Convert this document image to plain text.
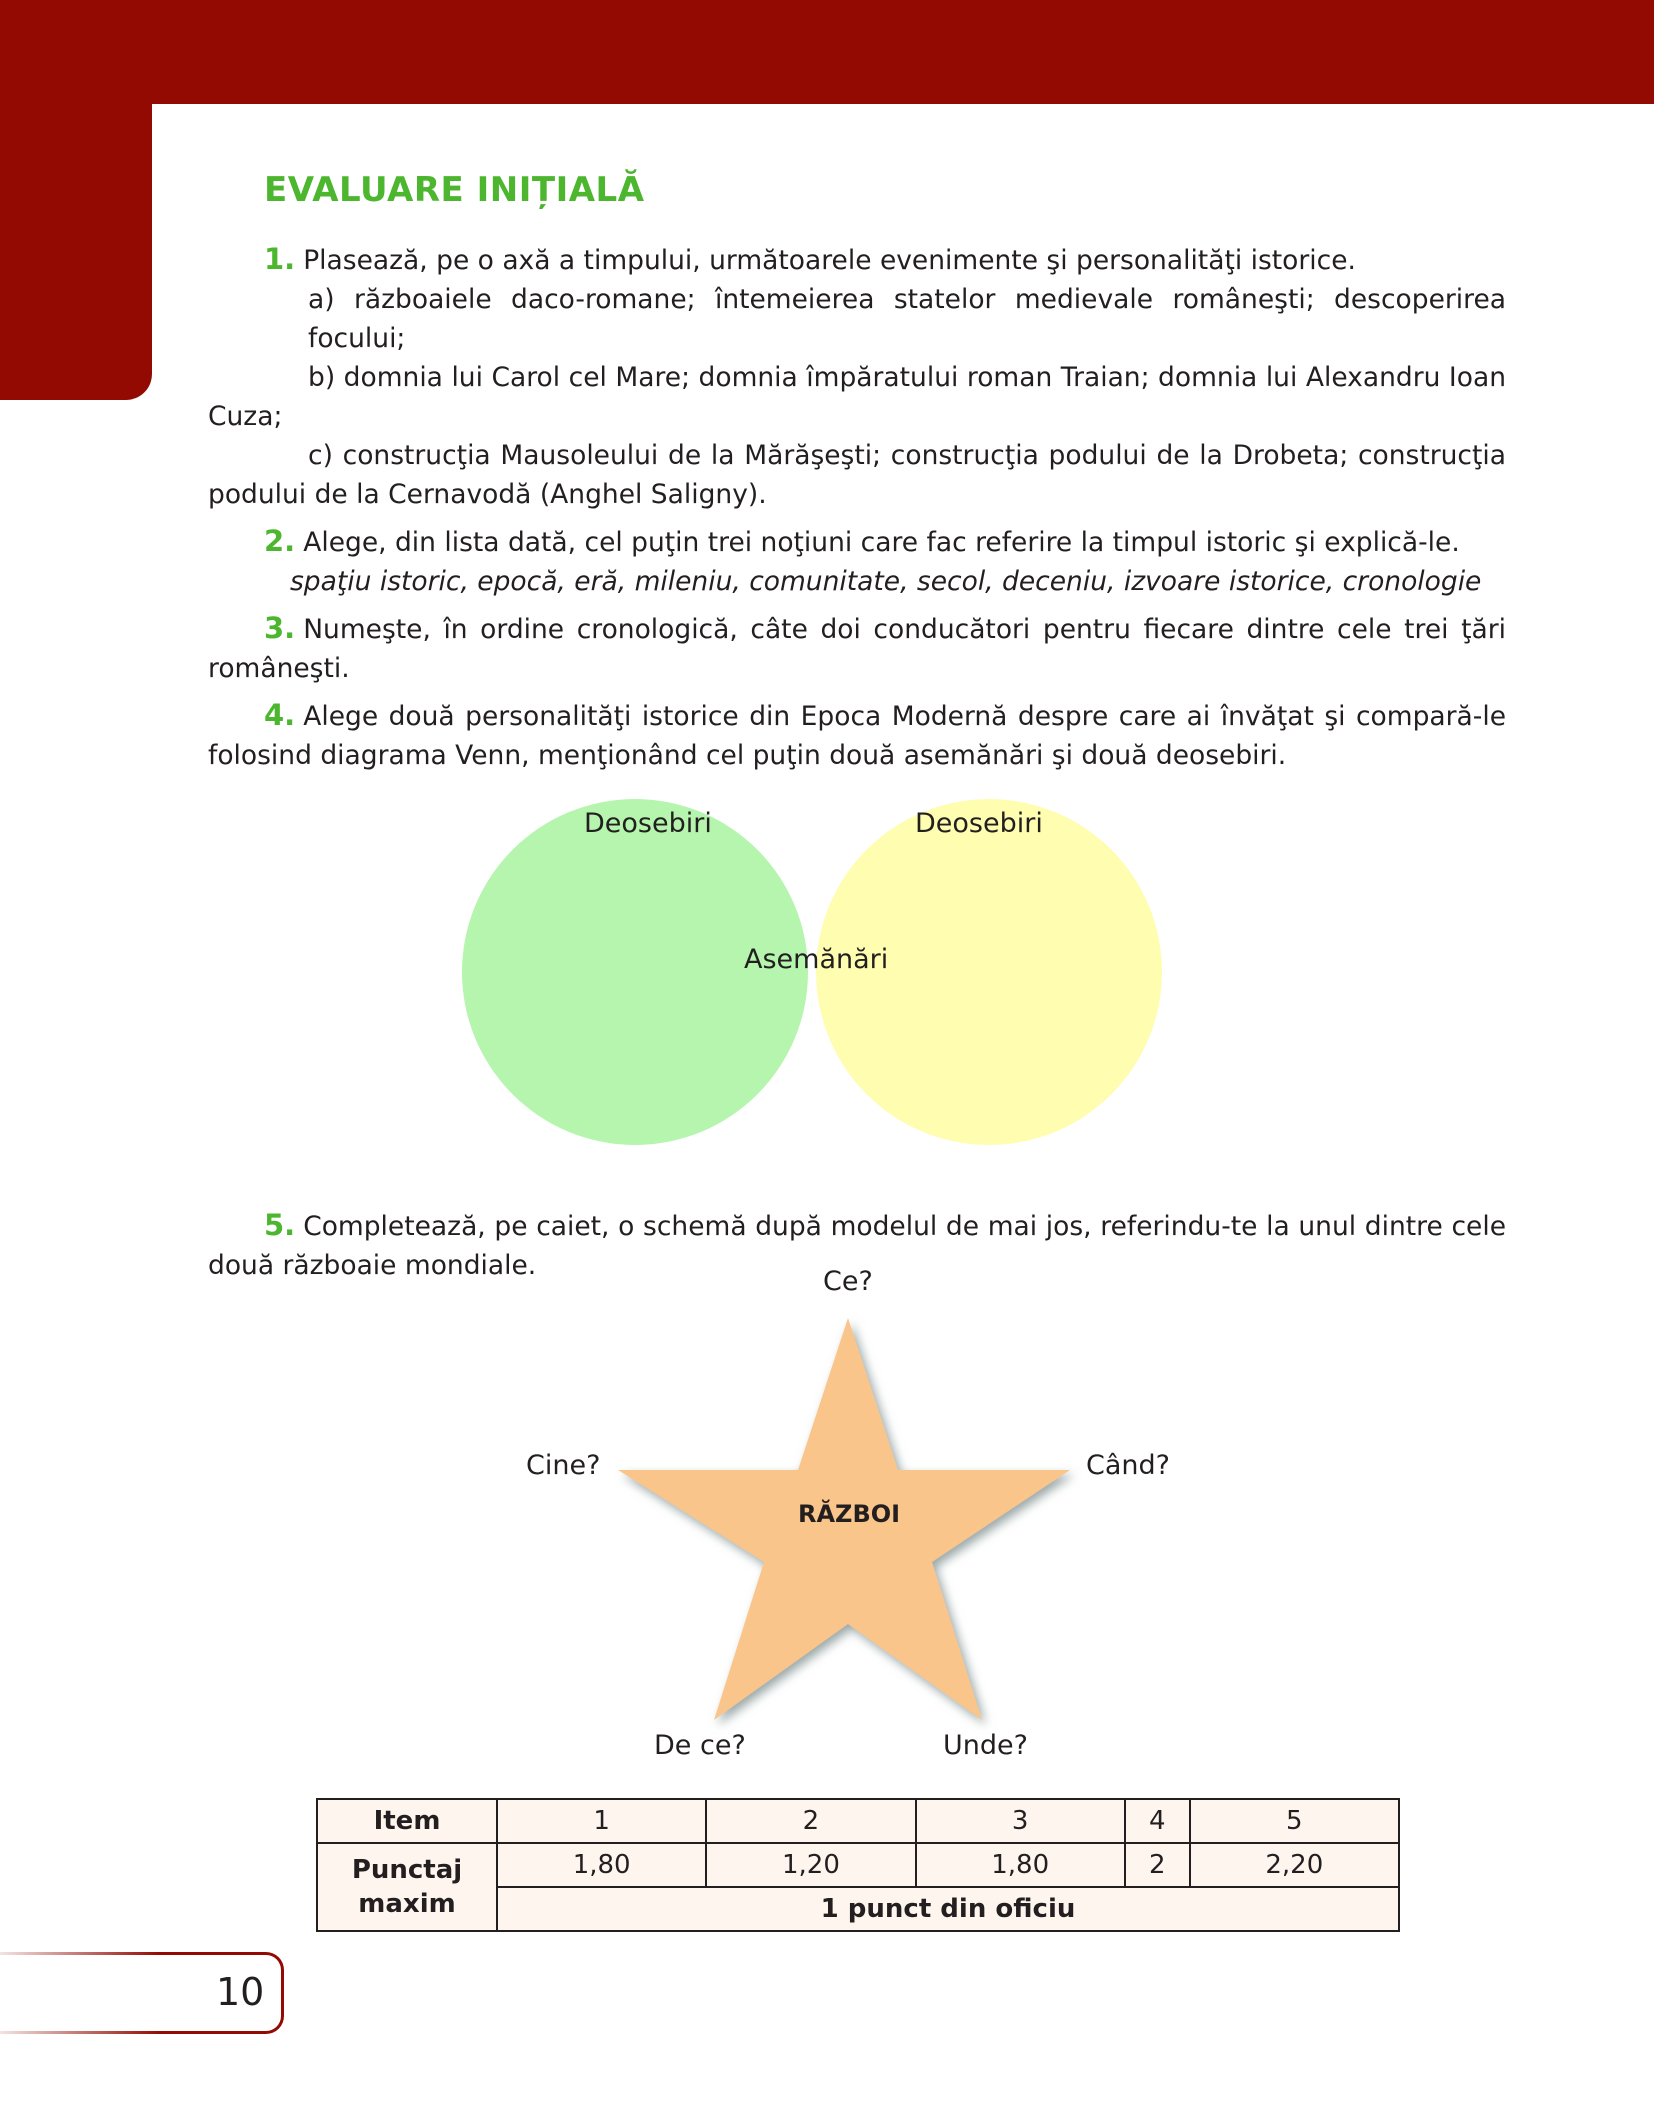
EVALUARE INIȚIALĂ

1. Plasează, pe o axă a timpului, următoarele evenimente şi personalităţi istorice.

a) războaiele daco-romane; întemeierea statelor medievale româneşti; descoperirea focului;

b) domnia lui Carol cel Mare; domnia împăratului roman Traian; domnia lui Alexandru Ioan Cuza;

c) construcţia Mausoleului de la Mărăşeşti; construcţia podului de la Drobeta; construcţia podului de la Cernavodă (Anghel Saligny).

2. Alege, din lista dată, cel puţin trei noţiuni care fac referire la timpul istoric şi explică-le.

spaţiu istoric, epocă, eră, mileniu, comunitate, secol, deceniu, izvoare istorice, cronologie

3. Numeşte, în ordine cronologică, câte doi conducători pentru fiecare dintre cele trei ţări româneşti.

4. Alege două personalităţi istorice din Epoca Modernă despre care ai învăţat şi compară-le folosind diagrama Venn, menţionând cel puţin două asemănări şi două deosebiri.

Deosebiri	Deosebiri
Asemănări

5. Completează, pe caiet, o schemă după modelul de mai jos, referindu-te la unul dintre cele două războaie mondiale.

Ce?
Cine?	Când?
De ce?	Unde?
RĂZBOI
Item	1	2	3	4	5
Punctaj maxim	1,80	1,20	1,80	2	2,20
	1 punct din oficiu				
10
